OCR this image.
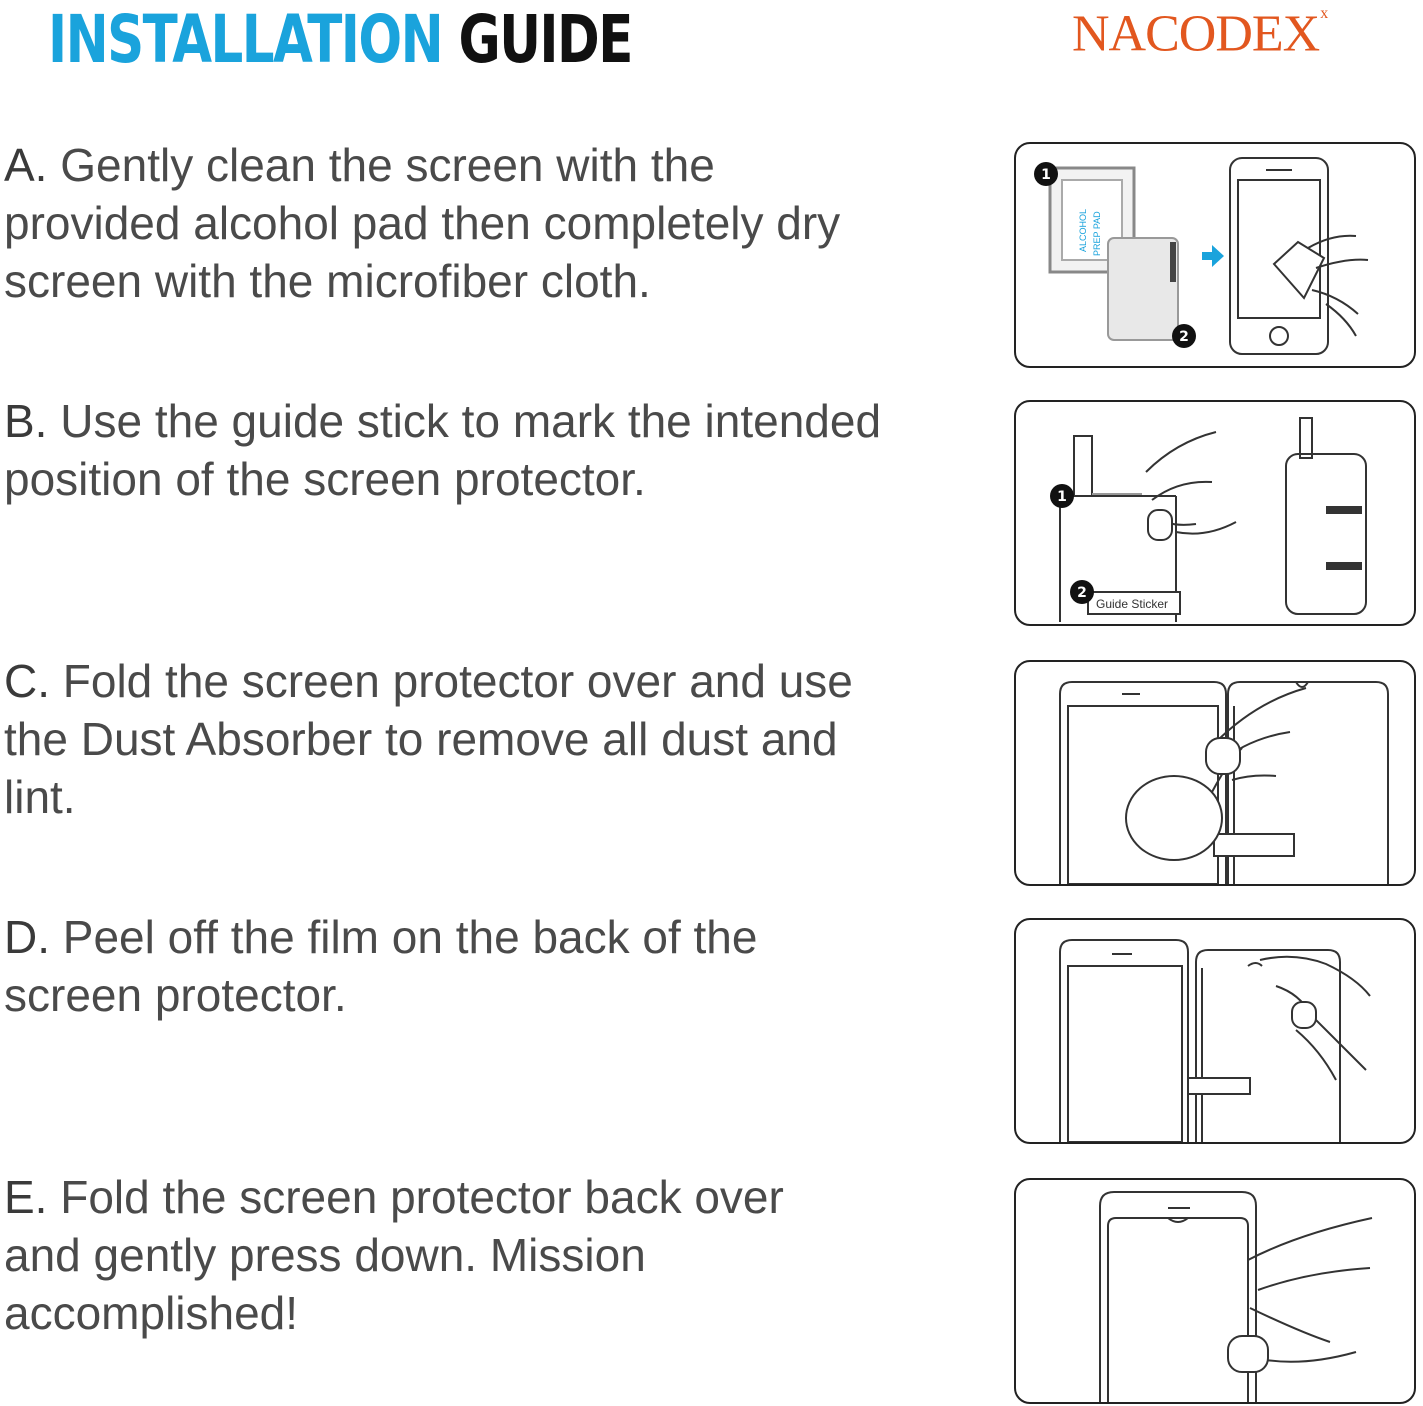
INSTALLATION GUIDE	NACODEX$^x$

A. Gently clean the screen with the provided alcohol pad then completely dry screen with the microfiber cloth.

B. Use the guide stick to mark the intended position of the screen protector.

C. Fold the screen protector over and use the Dust Absorber to remove all dust and lint.

D. Peel off the film on the back of the screen protector.

E. Fold the screen protector back over and gently press down. Mission accomplished!

ALCOHOL PREP PAD
1
2
Guide Sticker
1
2
